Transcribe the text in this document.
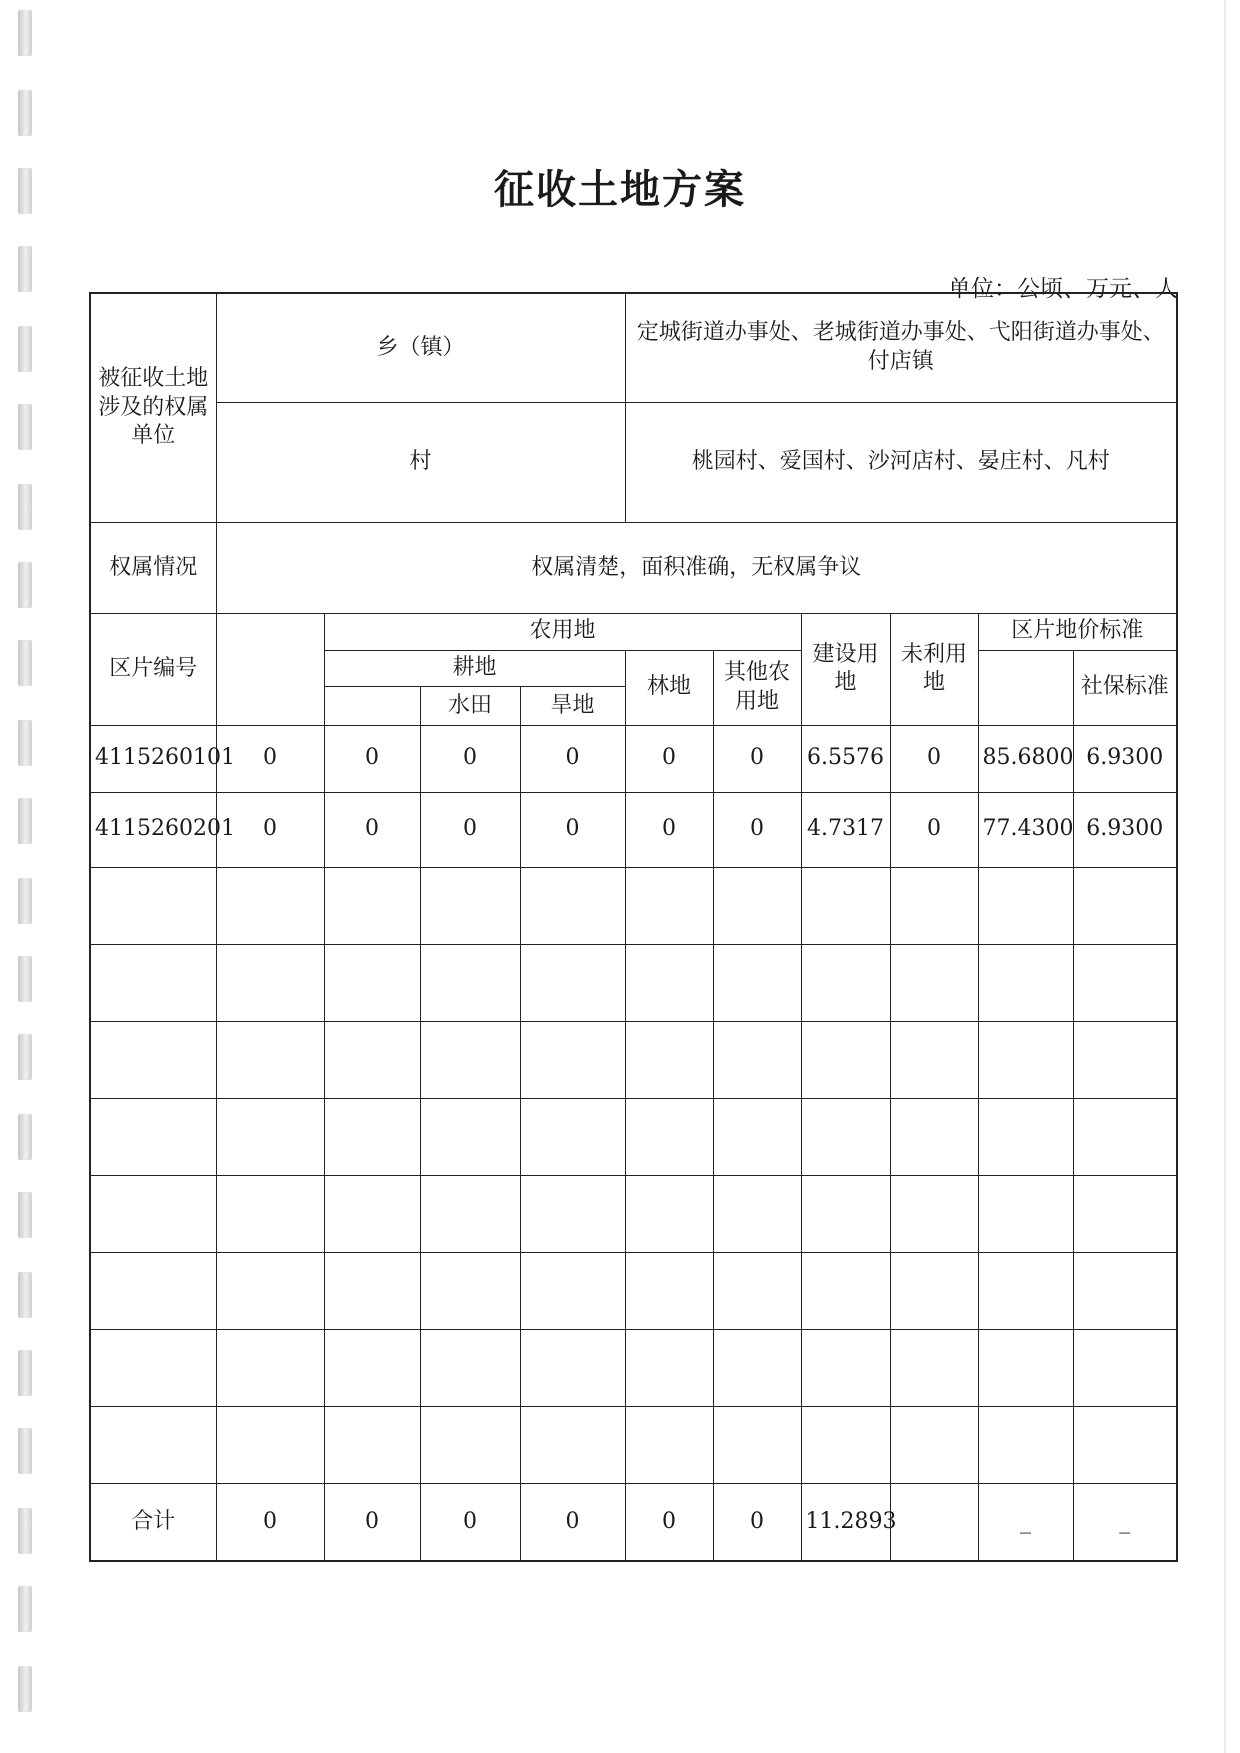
征收土地方案
单位：公顷、万元、人
被征收土地涉及的权属单位	乡（镇）				定城街道办事处、老城街道办事处、弋阳街道办事处、付店镇					
	村				桃园村、爱国村、沙河店村、晏庄村、凡村					
权属情况	权属清楚，面积准确，无权属争议									
区片编号		农用地					建设用地	未利用地	区片地价标准	
		耕地			林地	其他农用地				社保标准
			水田	旱地						
4115260101	0	0	0	0	0	0	6.5576	0	85.6800	6.9300
4115260201	0	0	0	0	0	0	4.7317	0	77.4300	6.9300

合计	0	0	0	0	0	0	11.2893		_	_
